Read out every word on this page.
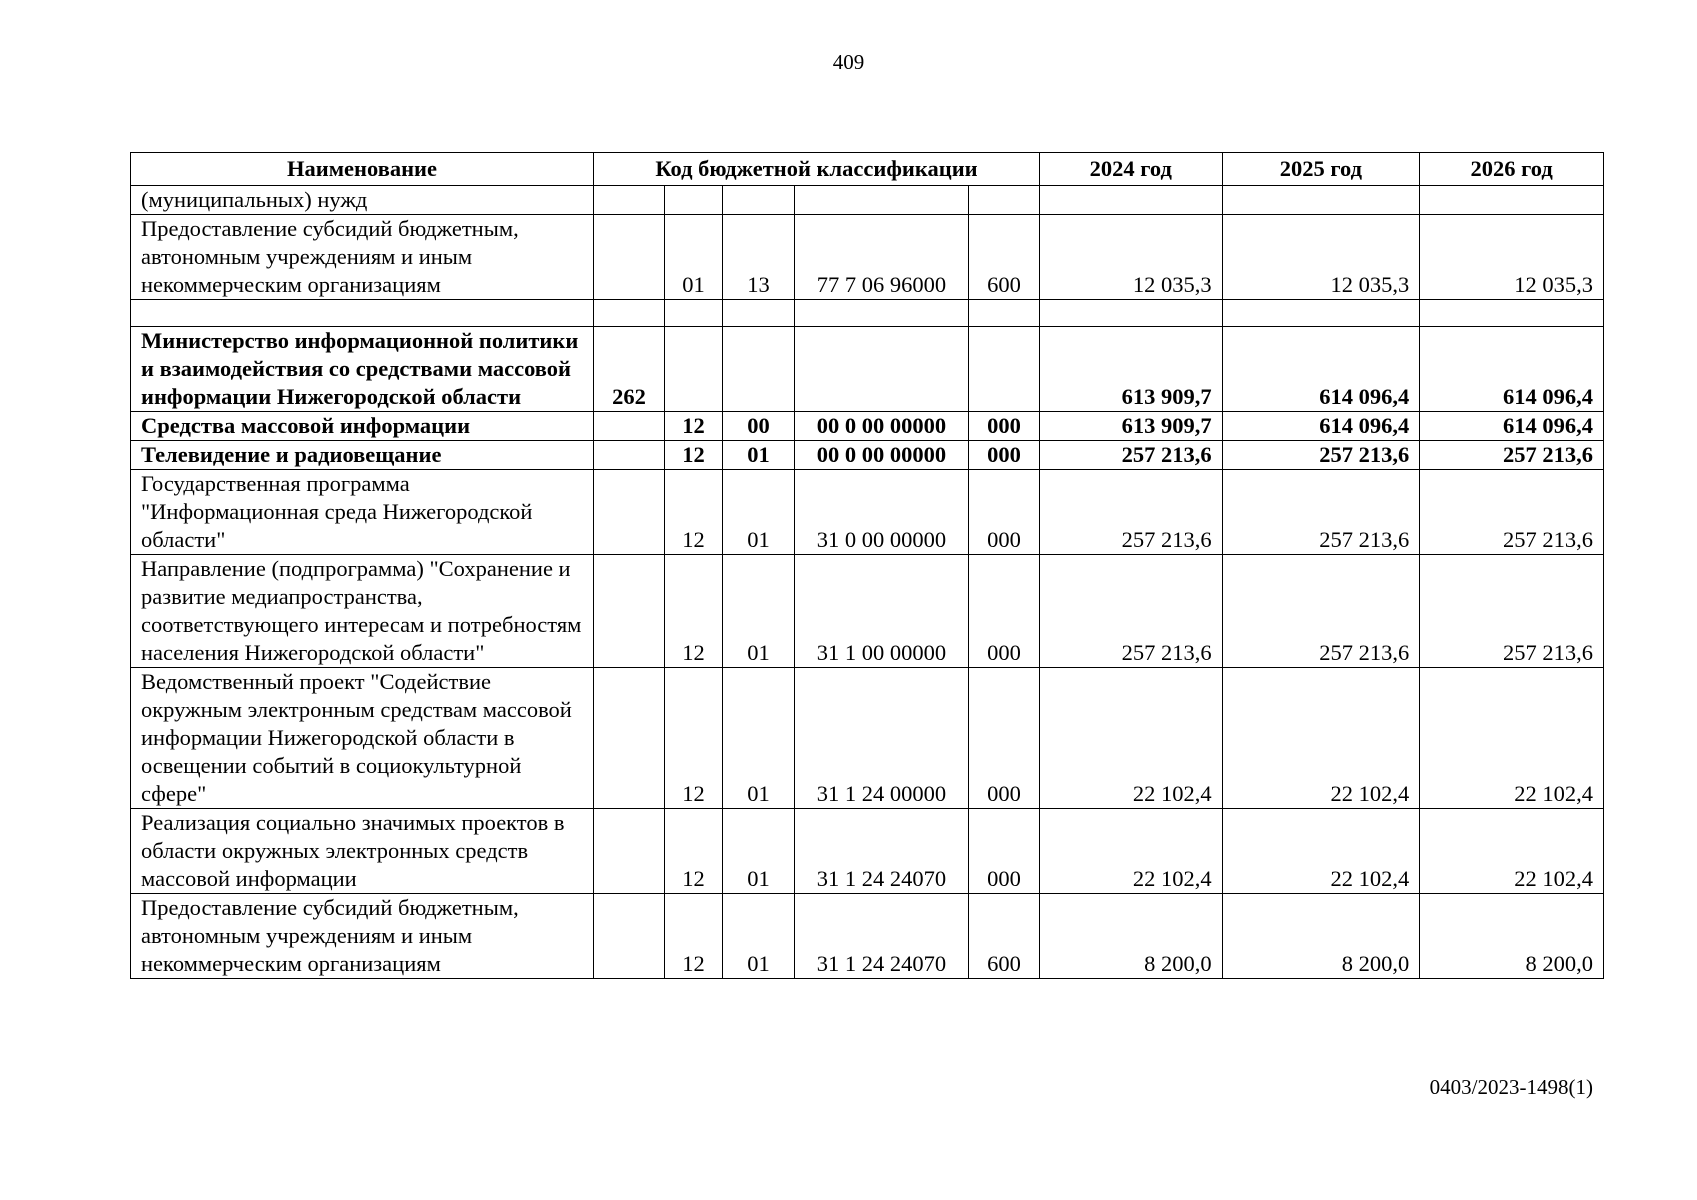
409
Наименование	Код бюджетной классификации					2024 год	2025 год	2026 год
(муниципальных) нужд								
Предоставление субсидий бюджетным, автономным учреждениям и иным некоммерческим организациям		01	13	77 7 06 96000	600	12 035,3	12 035,3	12 035,3

Министерство информационной политики и взаимодействия со средствами массовой информации Нижегородской области	262					613 909,7	614 096,4	614 096,4
Средства массовой информации		12	00	00 0 00 00000	000	613 909,7	614 096,4	614 096,4
Телевидение и радиовещание		12	01	00 0 00 00000	000	257 213,6	257 213,6	257 213,6
Государственная программа "Информационная среда Нижегородской области"		12	01	31 0 00 00000	000	257 213,6	257 213,6	257 213,6
Направление (подпрограмма) "Сохранение и развитие медиапространства, соответствующего интересам и потребностям населения Нижегородской области"		12	01	31 1 00 00000	000	257 213,6	257 213,6	257 213,6
Ведомственный проект "Содействие окружным электронным средствам массовой информации Нижегородской области в освещении событий в социокультурной сфере"		12	01	31 1 24 00000	000	22 102,4	22 102,4	22 102,4
Реализация социально значимых проектов в области окружных электронных средств массовой информации		12	01	31 1 24 24070	000	22 102,4	22 102,4	22 102,4
Предоставление субсидий бюджетным, автономным учреждениям и иным некоммерческим организациям		12	01	31 1 24 24070	600	8 200,0	8 200,0	8 200,0
0403/2023-1498(1)
